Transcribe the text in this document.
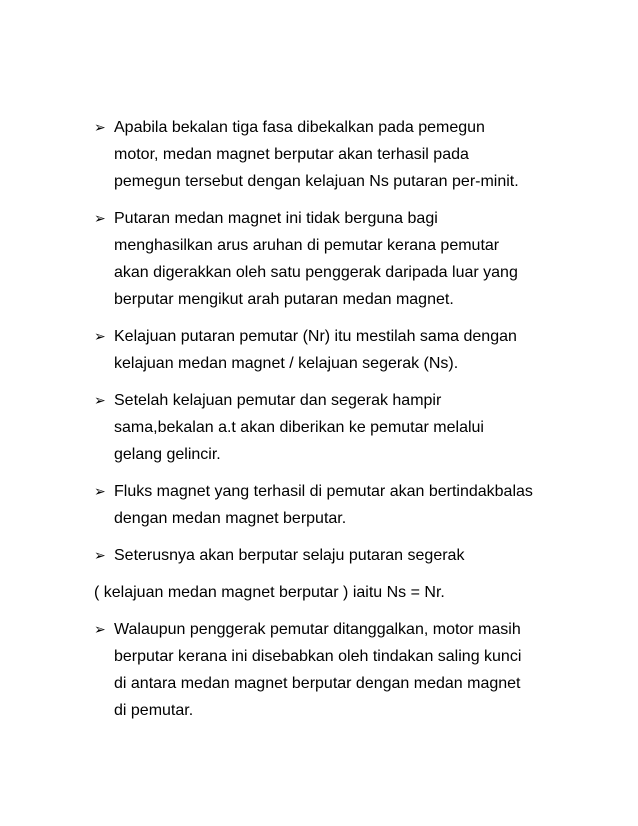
➢ Apabila bekalan tiga fasa dibekalkan pada pemegun
motor, medan magnet berputar akan terhasil pada
pemegun tersebut dengan kelajuan Ns putaran per-minit.
➢ Putaran medan magnet ini tidak berguna bagi
menghasilkan arus aruhan di pemutar kerana pemutar
akan digerakkan oleh satu penggerak daripada luar yang
berputar mengikut arah putaran medan magnet.
➢ Kelajuan putaran pemutar (Nr) itu mestilah sama dengan
kelajuan medan magnet / kelajuan segerak (Ns).
➢ Setelah kelajuan pemutar dan segerak hampir
sama,bekalan a.t akan diberikan ke pemutar melalui
gelang gelincir.
➢ Fluks magnet yang terhasil di pemutar akan bertindakbalas
dengan medan magnet berputar.
➢ Seterusnya akan berputar selaju putaran segerak
( kelajuan medan magnet berputar ) iaitu Ns = Nr.
➢ Walaupun penggerak pemutar ditanggalkan, motor masih
berputar kerana ini disebabkan oleh tindakan saling kunci
di antara medan magnet berputar dengan medan magnet
di pemutar.
